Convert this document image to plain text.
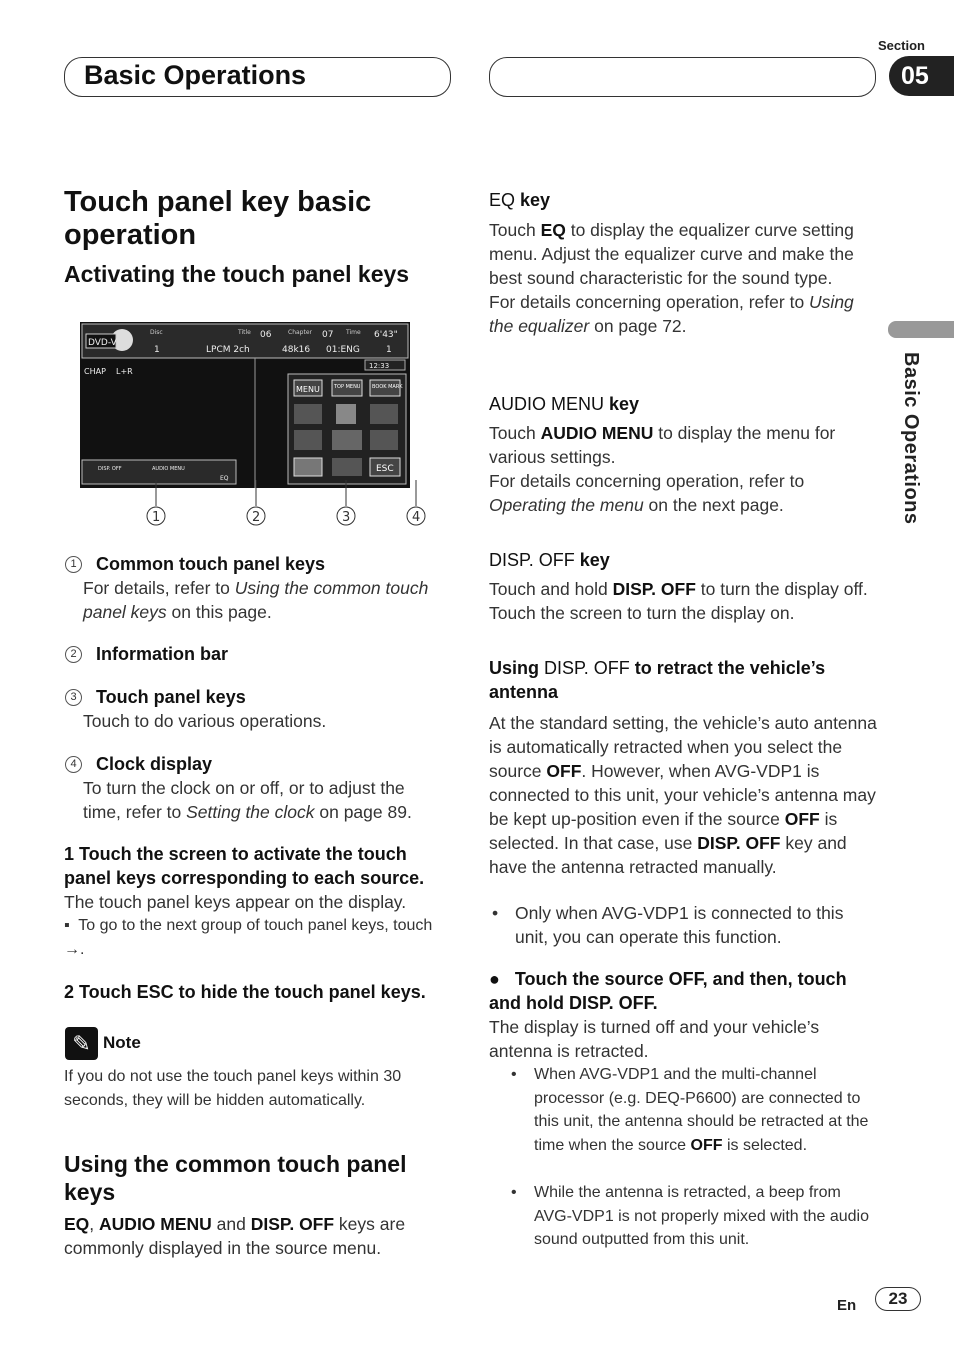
Basic Operations
Section
05
Basic Operations
Touch panel key basic
operation
Activating the touch panel keys
DVD-V
Disc	Title 06	Chapter 07 Time 6'43"
1	LPCM 2ch	48k16 01:ENG	1
12:33
CHAP L+R
MENU	TOP MENU BOOK MARK
ESC
DISP. OFF	AUDIO MENU
EQ
1	2	3	4
1	Common touch panel keys
For details, refer to Using the common touch panel keys on this page.
2	Information bar
3	Touch panel keys
Touch to do various operations.
4	Clock display
To turn the clock on or off, or to adjust the time, refer to Setting the clock on page 89.
1 Touch the screen to activate the touch panel keys corresponding to each source.
The touch panel keys appear on the display.
▪ To go to the next group of touch panel keys, touch →.
2 Touch ESC to hide the touch panel keys.
✎ Note
If you do not use the touch panel keys within 30 seconds, they will be hidden automatically.
Using the common touch panel
keys
EQ, AUDIO MENU and DISP. OFF keys are commonly displayed in the source menu.
EQ key
Touch EQ to display the equalizer curve setting menu. Adjust the equalizer curve and make the best sound characteristic for the sound type.
For details concerning operation, refer to Using the equalizer on page 72.
AUDIO MENU key
Touch AUDIO MENU to display the menu for various settings.
For details concerning operation, refer to Operating the menu on the next page.
DISP. OFF key
Touch and hold DISP. OFF to turn the display off. Touch the screen to turn the display on.
Using DISP. OFF to retract the vehicle’s antenna
At the standard setting, the vehicle’s auto antenna is automatically retracted when you select the source OFF. However, when AVG-VDP1 is connected to this unit, your vehicle’s antenna may be kept up-position even if the source OFF is selected. In that case, use DISP. OFF key and have the antenna retracted manually.
• Only when AVG-VDP1 is connected to this unit, you can operate this function.
● Touch the source OFF, and then, touch and hold DISP. OFF.
The display is turned off and your vehicle’s antenna is retracted.
• When AVG-VDP1 and the multi-channel processor (e.g. DEQ-P6600) are connected to this unit, the antenna should be retracted at the time when the source OFF is selected.
• While the antenna is retracted, a beep from AVG-VDP1 is not properly mixed with the audio sound outputted from this unit.
En	23
